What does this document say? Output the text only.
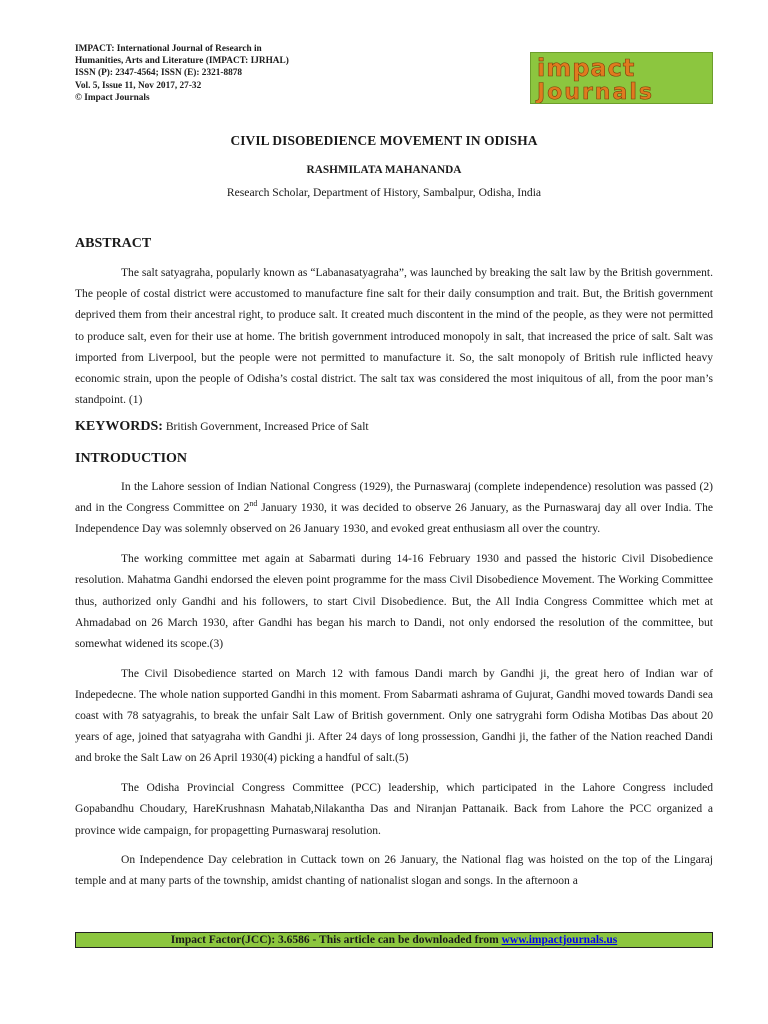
IMPACT: International Journal of Research in
Humanities, Arts and Literature (IMPACT: IJRHAL)
ISSN (P): 2347-4564; ISSN (E): 2321-8878
Vol. 5, Issue 11, Nov 2017, 27-32
© Impact Journals
impact
Journals
CIVIL DISOBEDIENCE MOVEMENT IN ODISHA
RASHMILATA MAHANANDA
Research Scholar, Department of History, Sambalpur, Odisha, India
ABSTRACT

The salt satyagraha, popularly known as “Labanasatyagraha”, was launched by breaking the salt law by the British government. The people of costal district were accustomed to manufacture fine salt for their daily consumption and trait. But, the British government deprived them from their ancestral right, to produce salt. It created much discontent in the mind of the people, as they were not permitted to produce salt, even for their use at home. The british government introduced monopoly in salt, that increased the price of salt. Salt was imported from Liverpool, but the people were not permitted to manufacture it. So, the salt monopoly of British rule inflicted heavy economic strain, upon the people of Odisha’s costal district. The salt tax was considered the most iniquitous of all, from the poor man’s standpoint. (1)

KEYWORDS: British Government, Increased Price of Salt
INTRODUCTION

In the Lahore session of Indian National Congress (1929), the Purnaswaraj (complete independence) resolution was passed (2) and in the Congress Committee on 2nd January 1930, it was decided to observe 26 January, as the Purnaswaraj day all over India. The Independence Day was solemnly observed on 26 January 1930, and evoked great enthusiasm all over the country.

The working committee met again at Sabarmati during 14-16 February 1930 and passed the historic Civil Disobedience resolution. Mahatma Gandhi endorsed the eleven point programme for the mass Civil Disobedience Movement. The Working Committee thus, authorized only Gandhi and his followers, to start Civil Disobedience. But, the All India Congress Committee which met at Ahmadabad on 26 March 1930, after Gandhi has began his march to Dandi, not only endorsed the resolution of the committee, but somewhat widened its scope.(3)

The Civil Disobedience started on March 12 with famous Dandi march by Gandhi ji, the great hero of Indian war of Indepedecne. The whole nation supported Gandhi in this moment. From Sabarmati ashrama of Gujurat, Gandhi moved towards Dandi sea coast with 78 satyagrahis, to break the unfair Salt Law of British government. Only one satrygrahi form Odisha Motibas Das about 20 years of age, joined that satyagraha with Gandhi ji. After 24 days of long prossession, Gandhi ji, the father of the Nation reached Dandi and broke the Salt Law on 26 April 1930(4) picking a handful of salt.(5)

The Odisha Provincial Congress Committee (PCC) leadership, which participated in the Lahore Congress included Gopabandhu Choudary, HareKrushnasn Mahatab,Nilakantha Das and Niranjan Pattanaik. Back from Lahore the PCC organized a province wide campaign, for propagetting Purnaswaraj resolution.

On Independence Day celebration in Cuttack town on 26 January, the National flag was hoisted on the top of the Lingaraj temple and at many parts of the township, amidst chanting of nationalist slogan and songs. In the afternoon a

Impact Factor(JCC): 3.6586 - This article can be downloaded from www.impactjournals.us
